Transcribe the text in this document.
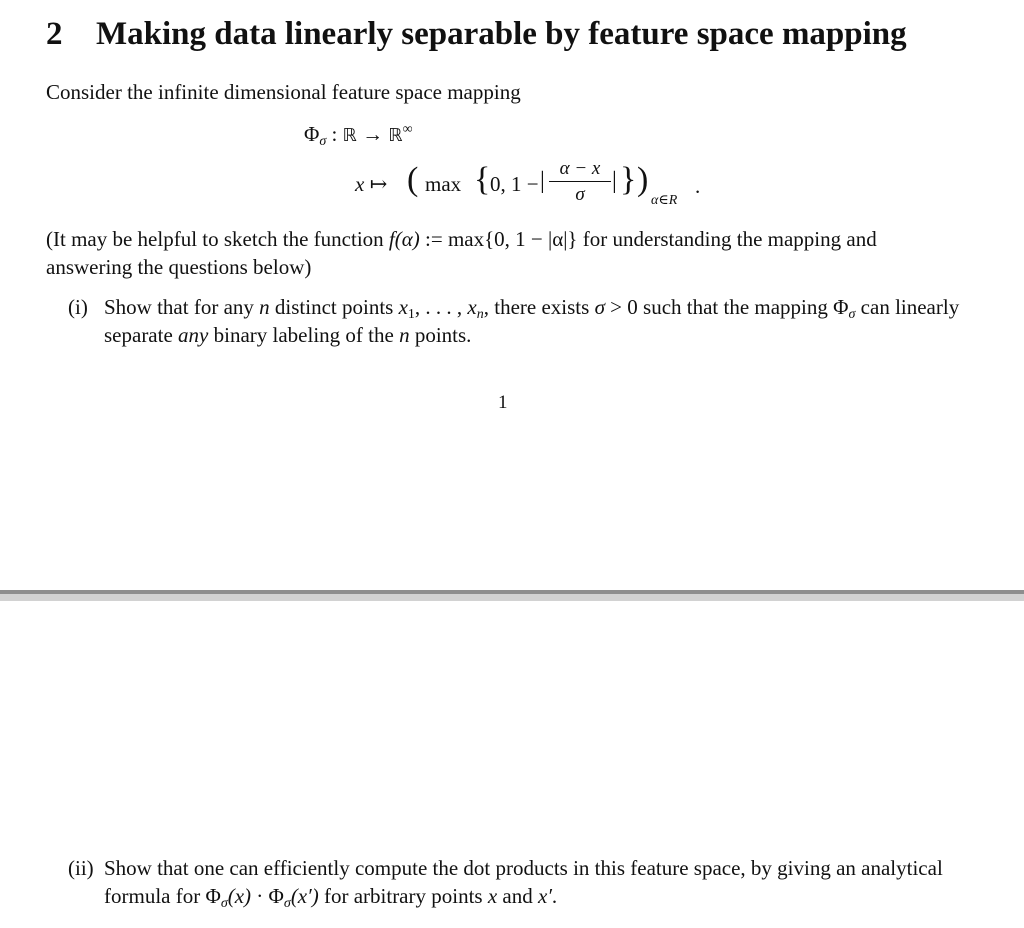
2 Making data linearly separable by feature space mapping
Consider the infinite dimensional feature space mapping
$\Phi_\sigma$ : ℝ → ℝ∞
x ↦ ( max { 0, 1 − | α − x
σ
| } )
α∈R
.
(It may be helpful to sketch the function f(α) := max{0, 1 − |α|} for understanding the mapping and answering the questions below)
(i) Show that for any n distinct points $x_1$, . . . , $x_n$, there exists σ > 0 such that the mapping $\Phi_\sigma$ can linearly separate any binary labeling of the n points.
1
(ii) Show that one can efficiently compute the dot products in this feature space, by giving an analytical formula for $\Phi_\sigma(x) \cdot \Phi_\sigma(x')$ for arbitrary points x and x′.
